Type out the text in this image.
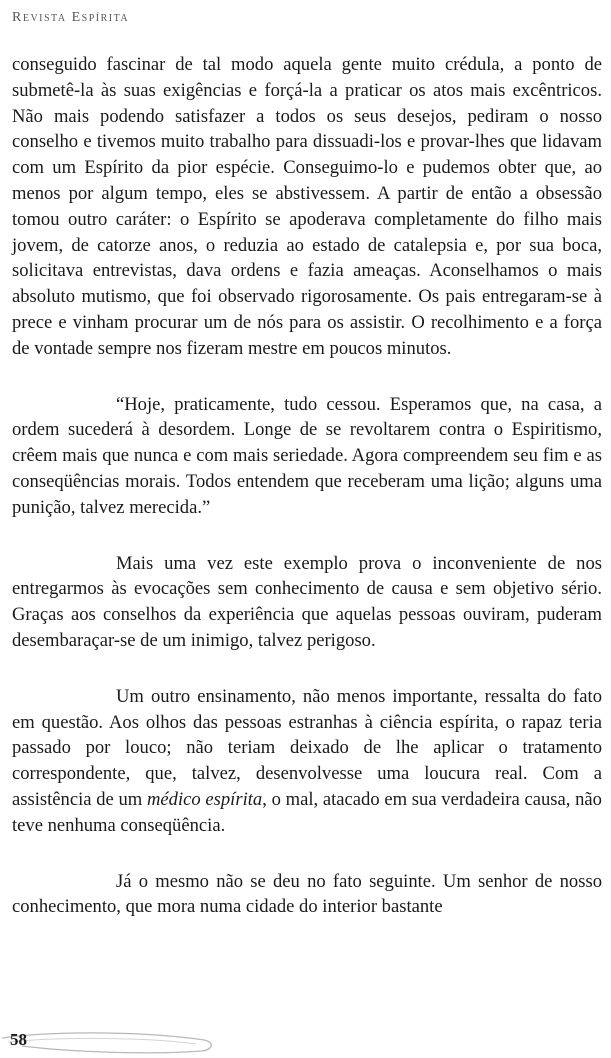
Revista Espírita

conseguido fascinar de tal modo aquela gente muito crédula, a ponto de submetê-la às suas exigências e forçá-la a praticar os atos mais excêntricos. Não mais podendo satisfazer a todos os seus desejos, pediram o nosso conselho e tivemos muito trabalho para dissuadi-los e provar-lhes que lidavam com um Espírito da pior espécie. Conseguimo-lo e pudemos obter que, ao menos por algum tempo, eles se abstivessem. A partir de então a obsessão tomou outro caráter: o Espírito se apoderava completamente do filho mais jovem, de catorze anos, o reduzia ao estado de catalepsia e, por sua boca, solicitava entrevistas, dava ordens e fazia ameaças. Aconselhamos o mais absoluto mutismo, que foi observado rigorosamente. Os pais entregaram-se à prece e vinham procurar um de nós para os assistir. O recolhimento e a força de vontade sempre nos fizeram mestre em poucos minutos.

“Hoje, praticamente, tudo cessou. Esperamos que, na casa, a ordem sucederá à desordem. Longe de se revoltarem contra o Espiritismo, crêem mais que nunca e com mais seriedade. Agora compreendem seu fim e as conseqüências morais. Todos entendem que receberam uma lição; alguns uma punição, talvez merecida.”

Mais uma vez este exemplo prova o inconveniente de nos entregarmos às evocações sem conhecimento de causa e sem objetivo sério. Graças aos conselhos da experiência que aquelas pessoas ouviram, puderam desembaraçar-se de um inimigo, talvez perigoso.

Um outro ensinamento, não menos importante, ressalta do fato em questão. Aos olhos das pessoas estranhas à ciência espírita, o rapaz teria passado por louco; não teriam deixado de lhe aplicar o tratamento correspondente, que, talvez, desenvolvesse uma loucura real. Com a assistência de um médico espírita, o mal, atacado em sua verdadeira causa, não teve nenhuma conseqüência.

Já o mesmo não se deu no fato seguinte. Um senhor de nosso conhecimento, que mora numa cidade do interior bastante

58
